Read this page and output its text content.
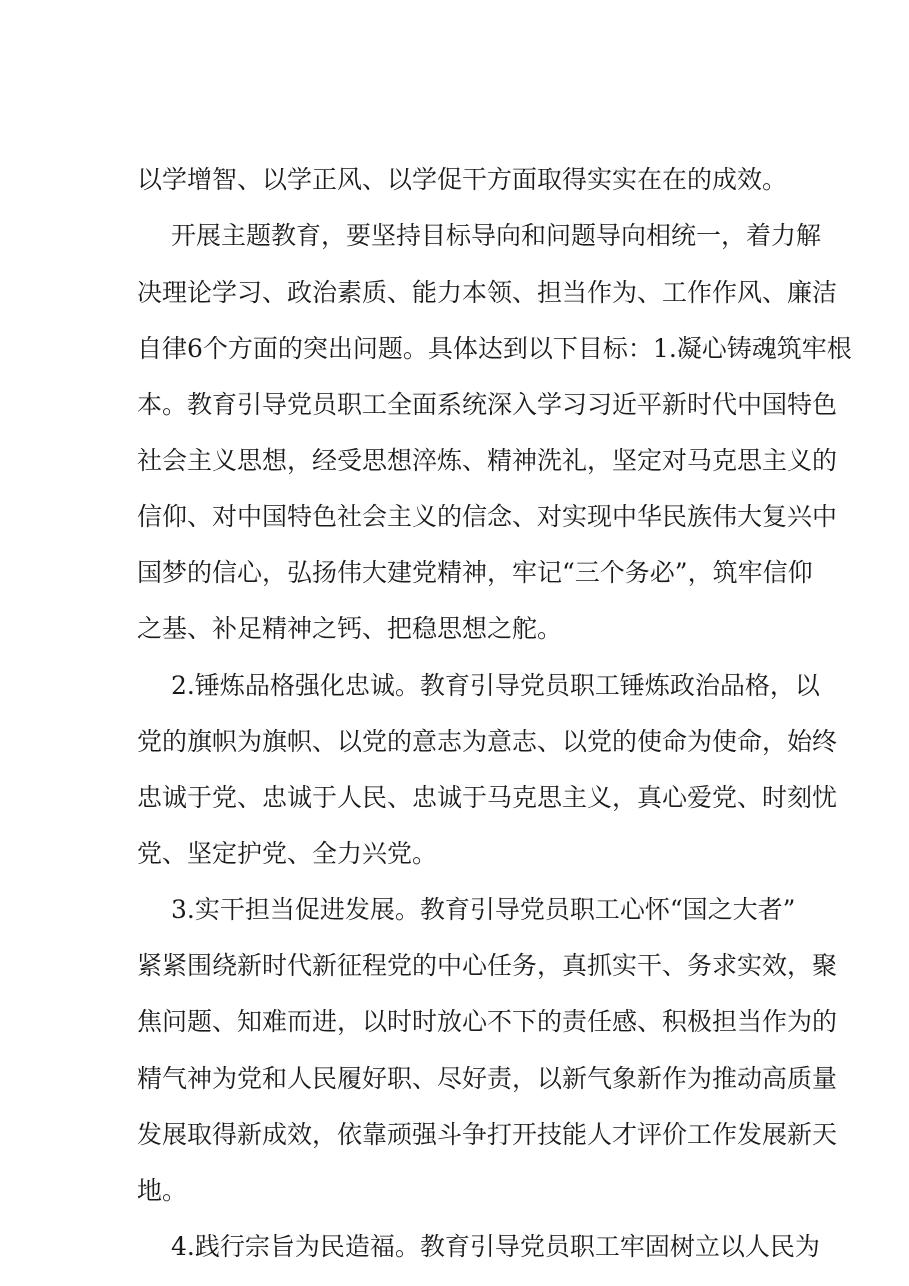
以学增智、以学正风、以学促干方面取得实实在在的成效。
开展主题教育，要坚持目标导向和问题导向相统一，着力解
决理论学习、政治素质、能力本领、担当作为、工作作风、廉洁
自律6个方面的突出问题。具体达到以下目标：1.凝心铸魂筑牢根
本。教育引导党员职工全面系统深入学习习近平新时代中国特色
社会主义思想，经受思想淬炼、精神洗礼，坚定对马克思主义的
信仰、对中国特色社会主义的信念、对实现中华民族伟大复兴中
国梦的信心，弘扬伟大建党精神，牢记“三个务必”，筑牢信仰
之基、补足精神之钙、把稳思想之舵。
2.锤炼品格强化忠诚。教育引导党员职工锤炼政治品格，以
党的旗帜为旗帜、以党的意志为意志、以党的使命为使命，始终
忠诚于党、忠诚于人民、忠诚于马克思主义，真心爱党、时刻忧
党、坚定护党、全力兴党。
3.实干担当促进发展。教育引导党员职工心怀“国之大者”
紧紧围绕新时代新征程党的中心任务，真抓实干、务求实效，聚
焦问题、知难而进，以时时放心不下的责任感、积极担当作为的
精气神为党和人民履好职、尽好责，以新气象新作为推动高质量
发展取得新成效，依靠顽强斗争打开技能人才评价工作发展新天
地。
4.践行宗旨为民造福。教育引导党员职工牢固树立以人民为
